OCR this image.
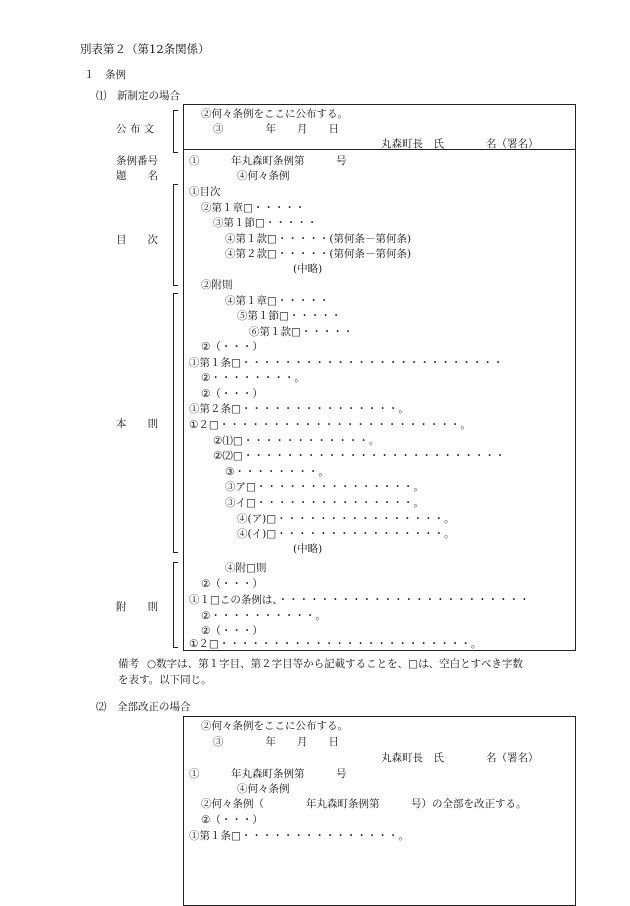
別表第２（第12条関係）
１　条例
⑴　新制定の場合
公 布 文
条例番号
題　　名
目　　次
本　　則
附　　則
②何々条例をここに公布する。
③　　　　年　　月　　日
丸森町長　氏　　　　名（署名）
①　　　年丸森町条例第　　　号
④何々条例
①目次
②第１章□・・・・・
③第１節□・・・・・
④第１款□・・・・・(第何条－第何条)
④第２款□・・・・・(第何条－第何条)
(中略)
②附則
④第１章□・・・・・
⑤第１節□・・・・・
⑥第１款□・・・・・
②（・・・）
①第１条□・・・・・・・・・・・・・・・・・・・・・・・・・
②・・・・・・・・。
②（・・・）
①第２条□・・・・・・・・・・・・・・・。
①２□・・・・・・・・・・・・・・・・・・・・・・・。
②⑴□・・・・・・・・・・・・。
②⑵□・・・・・・・・・・・・・・・・・・・・・・・・・
③・・・・・・・・。
③ア□・・・・・・・・・・・・・・・。
③イ□・・・・・・・・・・・・・・・。
④(ア)□・・・・・・・・・・・・・・・・。
④(イ)□・・・・・・・・・・・・・・・・。
(中略)
④附□則
②（・・・）
①１□この条例は、・・・・・・・・・・・・・・・・・・・・・・・・
②・・・・・・・・・・。
②（・・・）
①２□・・・・・・・・・・・・・・・・・・・・・・・・。
備考 ○数字は、第１字目、第２字目等から記載することを、□は、空白とすべき字数
を表す。以下同じ。
⑵　全部改正の場合
②何々条例をここに公布する。
③　　　　年　　月　　日
丸森町長　氏　　　　名（署名）
①　　　年丸森町条例第　　　号
④何々条例
②何々条例（　　　　年丸森町条例第　　　号）の全部を改正する。
②（・・・）
①第１条□・・・・・・・・・・・・・・・。
